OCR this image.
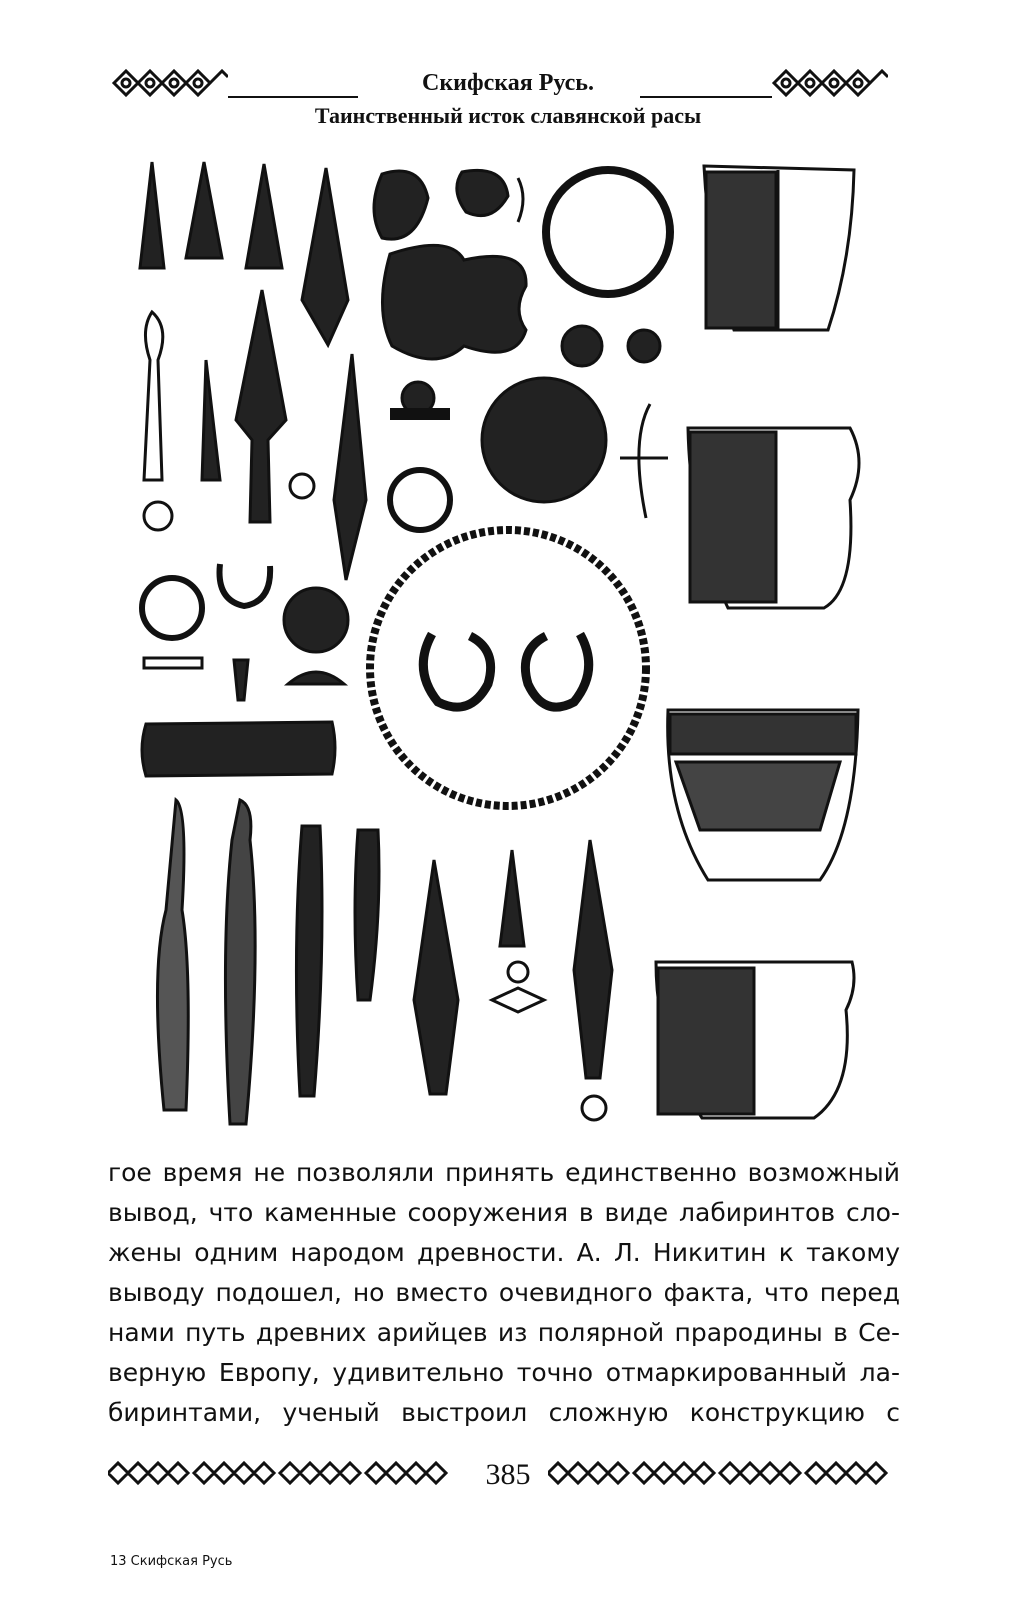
Скифская Русь.
Таинственный исток славянской расы
гое время не позволяли принять единственно возможный
вывод, что каменные сооружения в виде лабиринтов сло-
жены одним народом древности. А. Л. Никитин к такому
выводу подошел, но вместо очевидного факта, что перед
нами путь древних арийцев из полярной прародины в Се-
верную Европу, удивительно точно отмаркированный ла-
биринтами, ученый выстроил сложную конструкцию с
385
13 Скифская Русь
